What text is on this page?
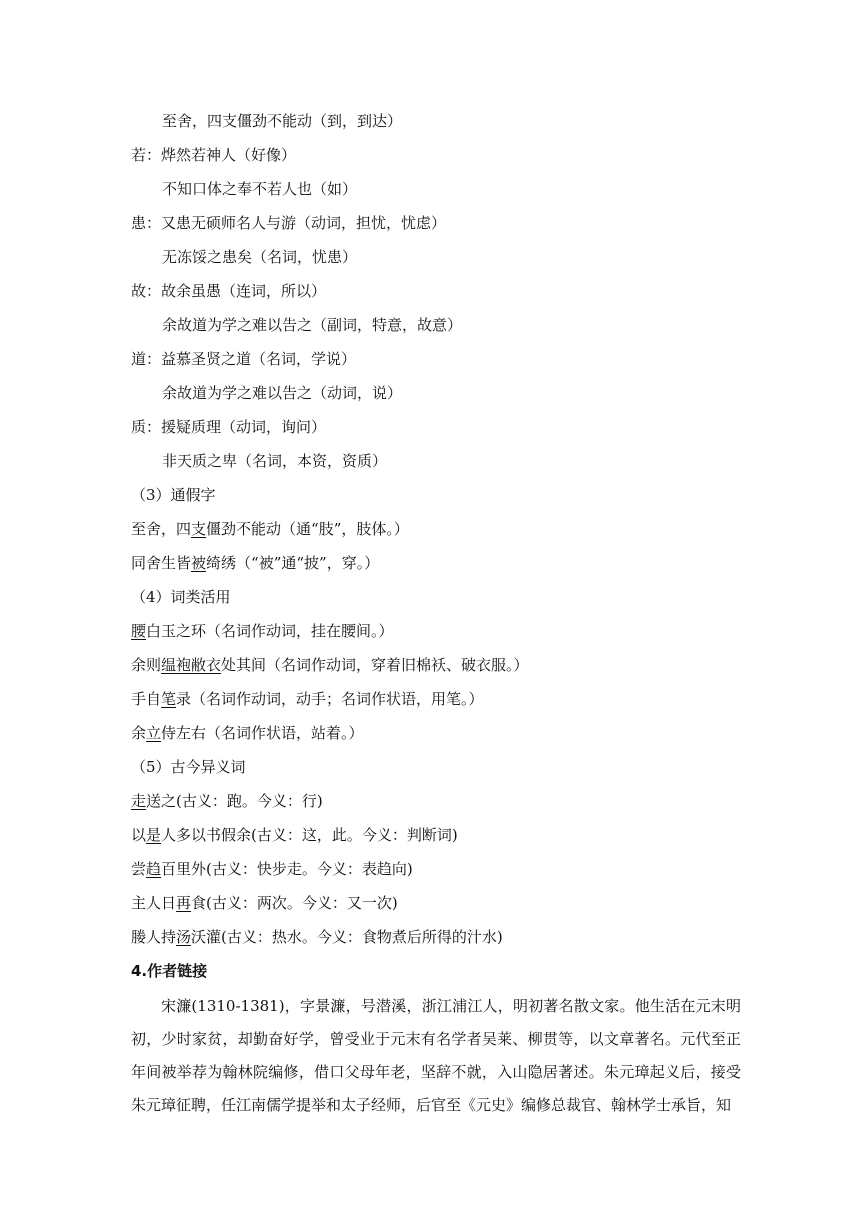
至舍，四支僵劲不能动（到，到达）
若：烨然若神人（好像）
不知口体之奉不若人也（如）
患：又患无硕师名人与游（动词，担忧，忧虑）
无冻馁之患矣（名词，忧患）
故：故余虽愚（连词，所以）
余故道为学之难以告之（副词，特意，故意）
道：益慕圣贤之道（名词，学说）
余故道为学之难以告之（动词，说）
质：援疑质理（动词，询问）
非天质之卑（名词，本资，资质）
（3）通假字
至舍，四支僵劲不能动（通“肢”，肢体。）
同舍生皆被绮绣（“被”通“披”，穿。）
（4）词类活用
腰白玉之环（名词作动词，挂在腰间。）
余则缊袍敝衣处其间（名词作动词，穿着旧棉袄、破衣服。）
手自笔录（名词作动词，动手；名词作状语，用笔。）
余立侍左右（名词作状语，站着。）
（5）古今异义词
走送之(古义：跑。今义：行)
以是人多以书假余(古义：这，此。今义：判断词)
尝趋百里外(古义：快步走。今义：表趋向)
主人日再食(古义：两次。今义：又一次)
媵人持汤沃灌(古义：热水。今义：食物煮后所得的汁水)
4.作者链接
宋濂(1310-1381)，字景濂，号潜溪，浙江浦江人，明初著名散文家。他生活在元末明初，少时家贫，却勤奋好学，曾受业于元末有名学者吴莱、柳贯等，以文章著名。元代至正年间被举荐为翰林院编修，借口父母年老，坚辞不就，入山隐居著述。朱元璋起义后，接受朱元璋征聘，任江南儒学提举和太子经师，后官至《元史》编修总裁官、翰林学士承旨，知
